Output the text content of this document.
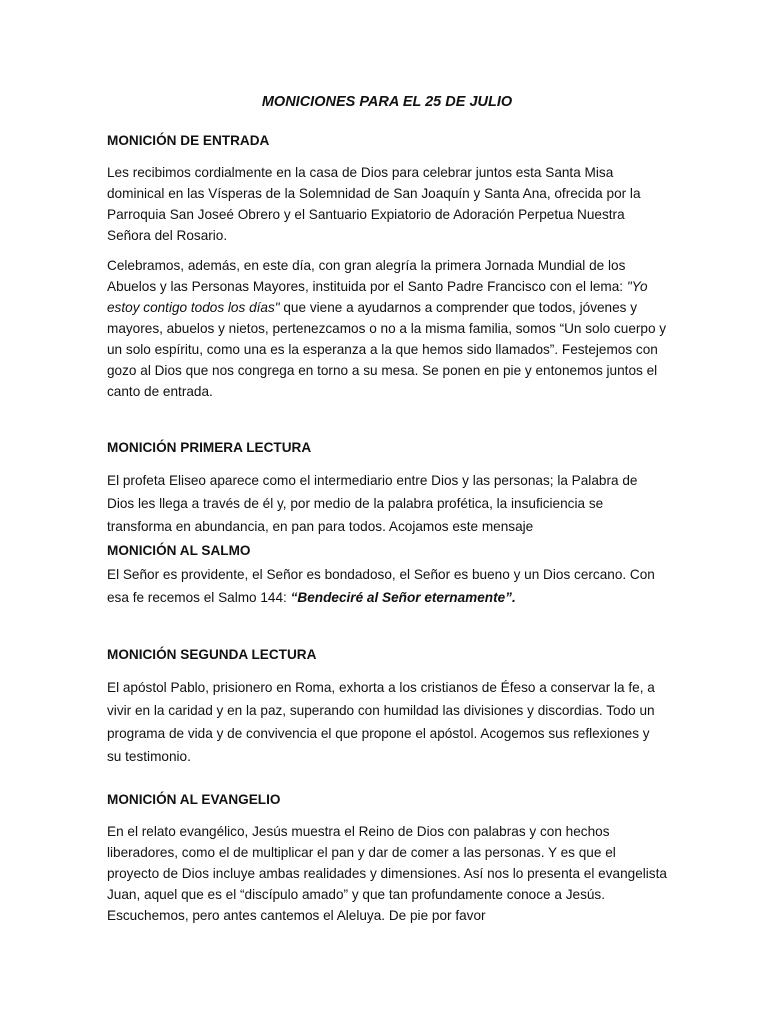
MONICIONES PARA EL 25 DE JULIO
MONICIÓN DE ENTRADA

Les recibimos cordialmente en la casa de Dios para celebrar juntos esta Santa Misa dominical en las Vísperas de la Solemnidad de San Joaquín y Santa Ana, ofrecida por la Parroquia San Joseé Obrero y el Santuario Expiatorio de Adoración Perpetua Nuestra Señora del Rosario.

Celebramos, además, en este día, con gran alegría la primera Jornada Mundial de los Abuelos y las Personas Mayores, instituida por el Santo Padre Francisco con el lema: "Yo estoy contigo todos los días" que viene a ayudarnos a comprender que todos, jóvenes y mayores, abuelos y nietos, pertenezcamos o no a la misma familia, somos “Un solo cuerpo y un solo espíritu, como una es la esperanza a la que hemos sido llamados”. Festejemos con gozo al Dios que nos congrega en torno a su mesa. Se ponen en pie y entonemos juntos el canto de entrada.

MONICIÓN PRIMERA LECTURA

El profeta Eliseo aparece como el intermediario entre Dios y las personas; la Palabra de Dios les llega a través de él y, por medio de la palabra profética, la insuficiencia se transforma en abundancia, en pan para todos. Acojamos este mensaje

MONICIÓN AL SALMO

El Señor es providente, el Señor es bondadoso, el Señor es bueno y un Dios cercano. Con esa fe recemos el Salmo 144: “Bendeciré al Señor eternamente”.

MONICIÓN SEGUNDA LECTURA

El apóstol Pablo, prisionero en Roma, exhorta a los cristianos de Éfeso a conservar la fe, a vivir en la caridad y en la paz, superando con humildad las divisiones y discordias. Todo un programa de vida y de convivencia el que propone el apóstol. Acogemos sus reflexiones y su testimonio.

MONICIÓN AL EVANGELIO

En el relato evangélico, Jesús muestra el Reino de Dios con palabras y con hechos liberadores, como el de multiplicar el pan y dar de comer a las personas. Y es que el proyecto de Dios incluye ambas realidades y dimensiones. Así nos lo presenta el evangelista Juan, aquel que es el “discípulo amado” y que tan profundamente conoce a Jesús. Escuchemos, pero antes cantemos el Aleluya. De pie por favor
